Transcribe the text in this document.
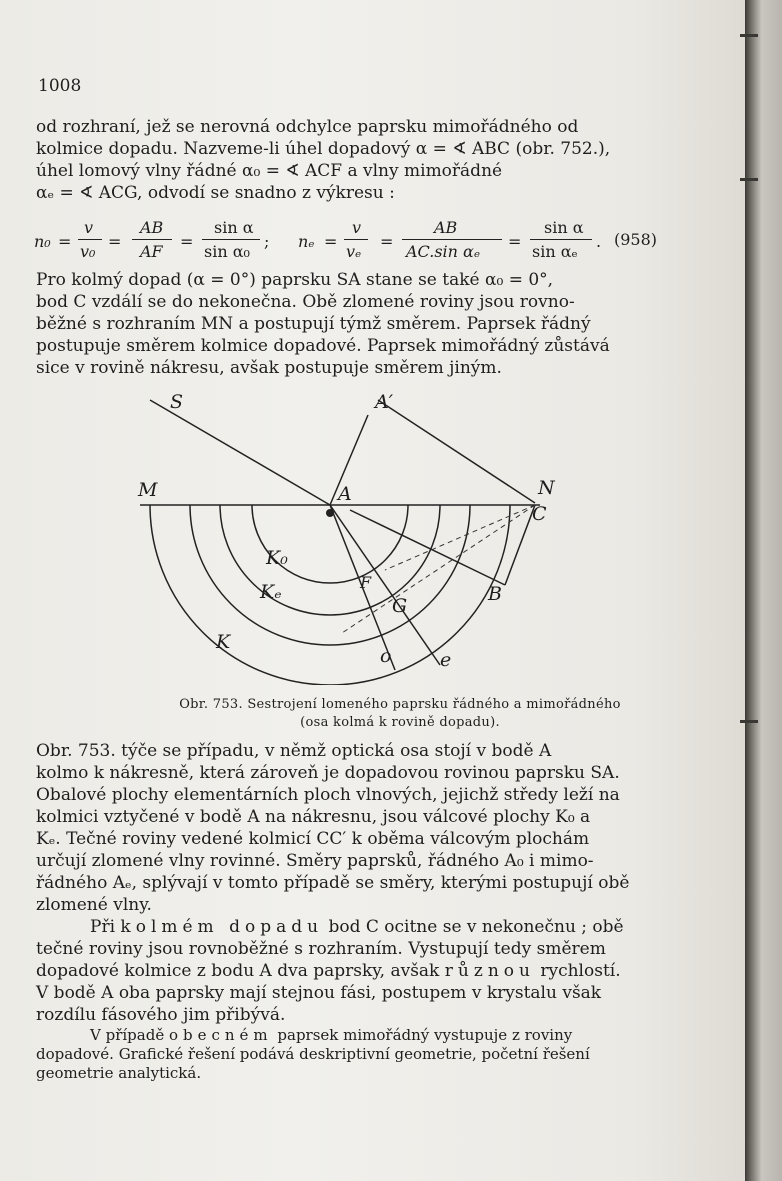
1008
od rozhraní, jež se nerovná odchylce paprsku mimořádného od
kolmice dopadu. Nazveme-li úhel dopadový α = ∢ ABC (obr. 752.),
úhel lomový vlny řádné α₀ = ∢ ACF a vlny mimořádné
αₑ = ∢ ACG, odvodí se snadno z výkresu :
n₀ =
v
v₀
=
AB
AF
=
sin α
sin α₀
; nₑ =
v
vₑ
=
AB
AC.sin αₑ
=
sin α
sin αₑ
. (958)
Pro kolmý dopad (α = 0°) paprsku SA stane se také α₀ = 0°,
bod C vzdálí se do nekonečna. Obě zlomené roviny jsou rovno-
běžné s rozhraním MN a postupují týmž směrem. Paprsek řádný
postupuje směrem kolmice dopadové. Paprsek mimořádný zůstává
sice v rovině nákresu, avšak postupuje směrem jiným.
S	A′
M	A	N
C
K₀
Kₑ
K
F
G
B
o	e
Obr. 753. Sestrojení lomeného paprsku řádného a mimořádného
(osa kolmá k rovině dopadu).
Obr. 753. týče se případu, v němž optická osa stojí v bodě A
kolmo k nákresně, která zároveň je dopadovou rovinou paprsku SA.
Obalové plochy elementárních ploch vlnových, jejichž středy leží na
kolmici vztyčené v bodě A na nákresnu, jsou válcové plochy K₀ a
Kₑ. Tečné roviny vedené kolmicí CC′ k oběma válcovým plochám
určují zlomené vlny rovinné. Směry paprsků, řádného A₀ i mimo-
řádného Aₑ, splývají v tomto případě se směry, kterými postupují obě
zlomené vlny.
Při kolmém dopadu bod C ocitne se v nekonečnu ; obě
tečné roviny jsou rovnoběžné s rozhraním. Vystupují tedy směrem
dopadové kolmice z bodu A dva paprsky, avšak různou rychlostí.
V bodě A oba paprsky mají stejnou fási, postupem v krystalu však
rozdílu fásového jim přibývá.
V případě obecném paprsek mimořádný vystupuje z roviny
dopadové. Grafické řešení podává deskriptivní geometrie, početní řešení
geometrie analytická.
